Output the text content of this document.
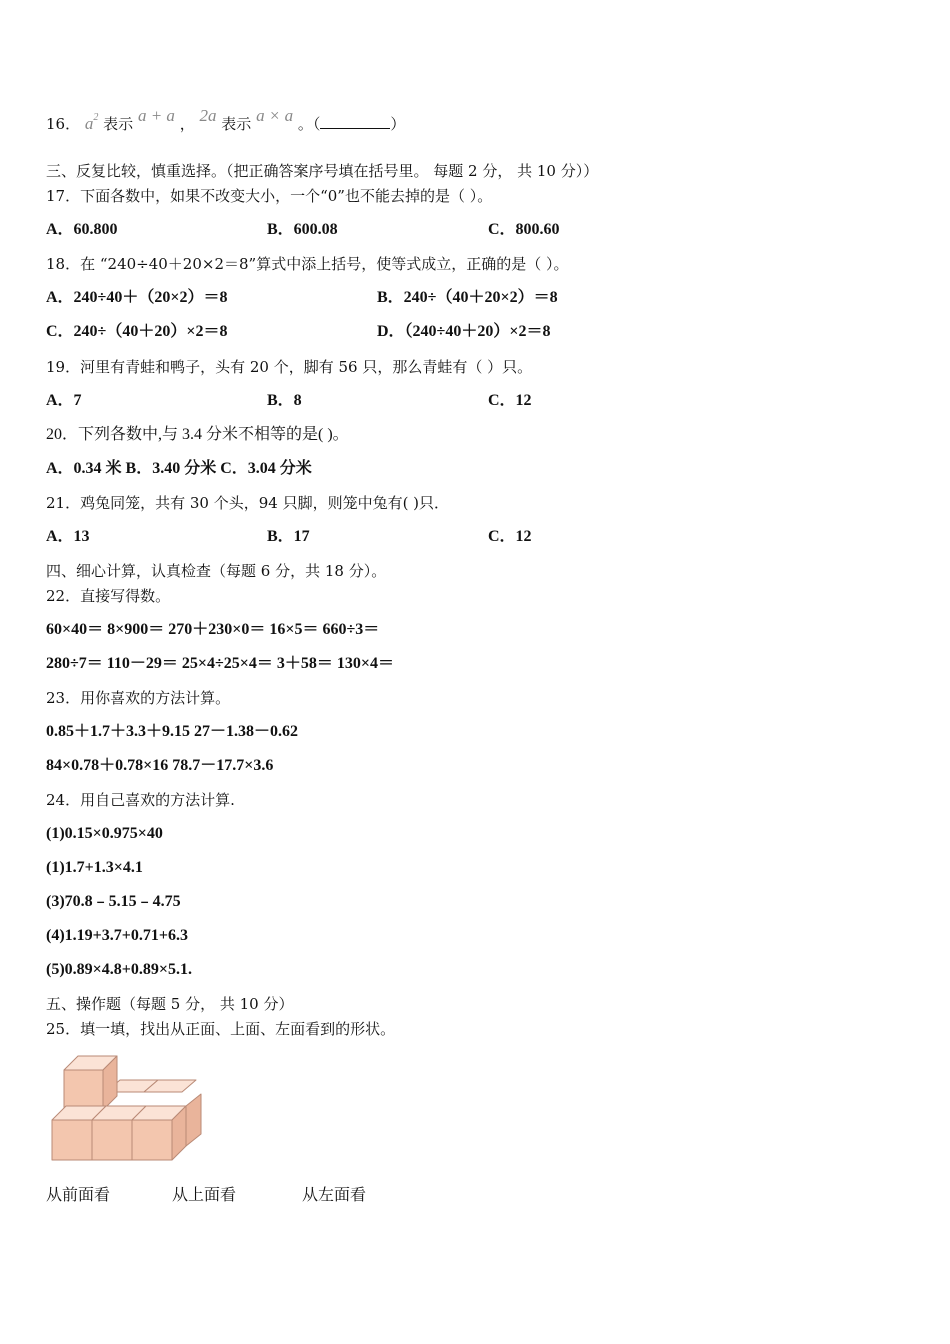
16． $a^2$ 表示 a + a ， 2a 表示 a × a 。（	）
三、反复比较，慎重选择。（把正确答案序号填在括号里。 每题 2 分， 共 10 分））
17．下面各数中，如果不改变大小，一个“0”也不能去掉的是（ ）。
A．60.800	B．600.08	C．800.60
18．在 “240÷40＋20×2＝8”算式中添上括号，使等式成立，正确的是（ ）。
A．240÷40＋（20×2）＝8	B．240÷（40＋20×2）＝8
C．240÷（40＋20）×2＝8	D．（240÷40＋20）×2＝8
19．河里有青蛙和鸭子，头有 20 个，脚有 56 只，那么青蛙有（ ）只。
A．7	B．8	C．12
20．下列各数中,与 3.4 分米不相等的是( )。
A．0.34 米 B．3.40 分米 C．3.04 分米
21．鸡兔同笼，共有 30 个头，94 只脚，则笼中兔有( )只．
A．13	B．17	C．12
四、细心计算，认真检查（每题 6 分，共 18 分）。
22．直接写得数。
60×40＝ 8×900＝ 270＋230×0＝ 16×5＝ 660÷3＝
280÷7＝ 110－29＝ 25×4÷25×4＝ 3＋58＝ 130×4＝
23．用你喜欢的方法计算。
0.85＋1.7＋3.3＋9.15 27－1.38－0.62
84×0.78＋0.78×16 78.7－17.7×3.6
24．用自己喜欢的方法计算.
(1)0.15×0.975×40
(1)1.7+1.3×4.1
(3)70.8﹣5.15﹣4.75
(4)1.19+3.7+0.71+6.3
(5)0.89×4.8+0.89×5.1.
五、操作题（每题 5 分， 共 10 分）
25．填一填，找出从正面、上面、左面看到的形状。
从前面看	从上面看	从左面看
